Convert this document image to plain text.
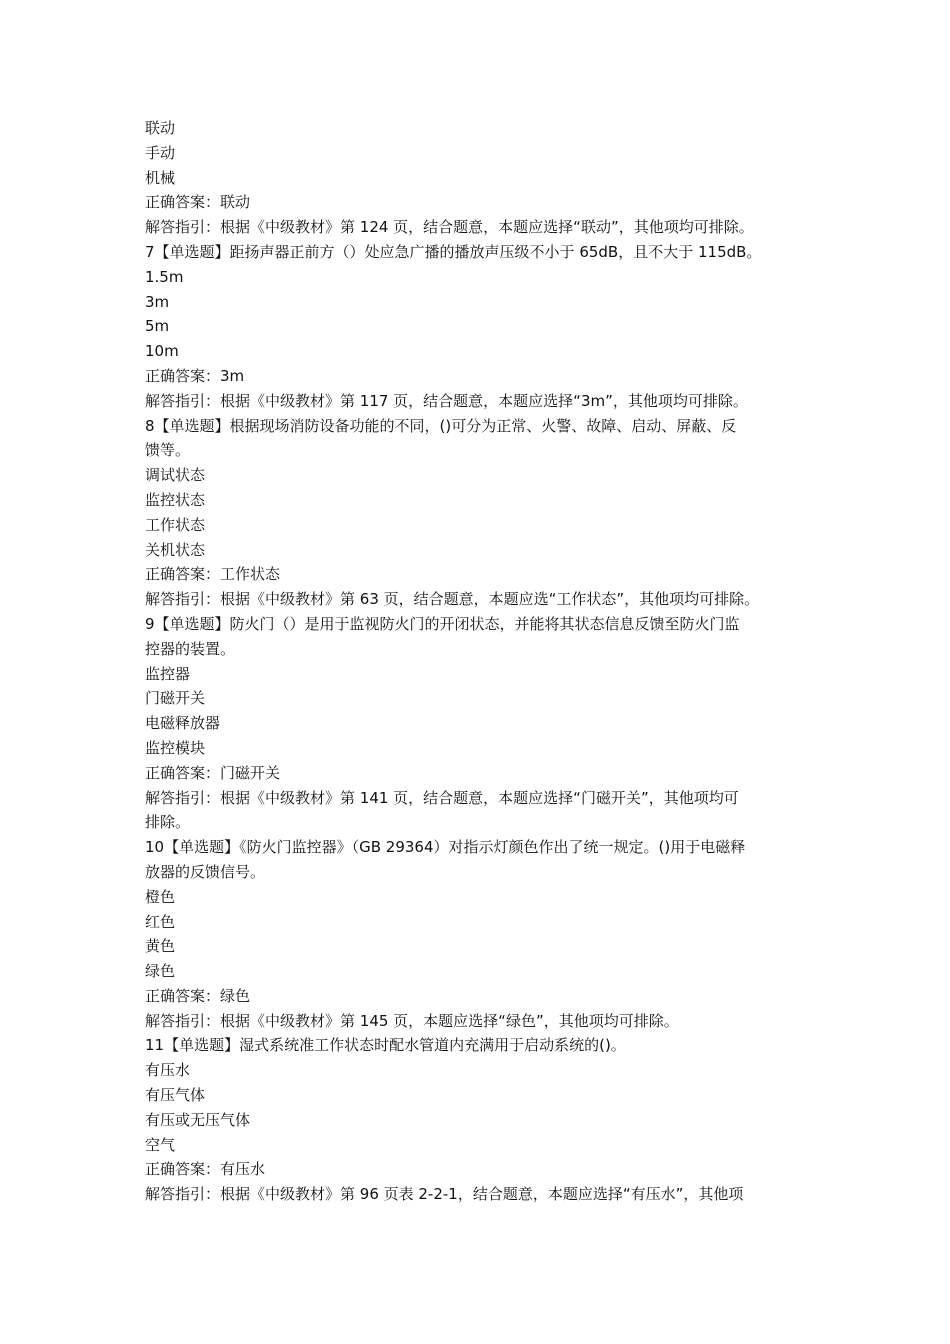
联动
手动
机械
正确答案：联动
解答指引：根据《中级教材》第 124 页，结合题意，本题应选择“联动”，其他项均可排除。
7【单选题】距扬声器正前方（）处应急广播的播放声压级不小于 65dB，且不大于 115dB。
1.5m
3m
5m
10m
正确答案：3m
解答指引：根据《中级教材》第 117 页，结合题意，本题应选择“3m”，其他项均可排除。
8【单选题】根据现场消防设备功能的不同，()可分为正常、火警、故障、启动、屏蔽、反
馈等。
调试状态
监控状态
工作状态
关机状态
正确答案：工作状态
解答指引：根据《中级教材》第 63 页，结合题意，本题应选“工作状态”，其他项均可排除。
9【单选题】防火门（）是用于监视防火门的开闭状态，并能将其状态信息反馈至防火门监
控器的装置。
监控器
门磁开关
电磁释放器
监控模块
正确答案：门磁开关
解答指引：根据《中级教材》第 141 页，结合题意，本题应选择“门磁开关”，其他项均可
排除。
10【单选题】《防火门监控器》（GB 29364）对指示灯颜色作出了统一规定。()用于电磁释
放器的反馈信号。
橙色
红色
黄色
绿色
正确答案：绿色
解答指引：根据《中级教材》第 145 页，本题应选择“绿色”，其他项均可排除。
11【单选题】湿式系统准工作状态时配水管道内充满用于启动系统的()。
有压水
有压气体
有压或无压气体
空气
正确答案：有压水
解答指引：根据《中级教材》第 96 页表 2-2-1，结合题意，本题应选择“有压水”，其他项
